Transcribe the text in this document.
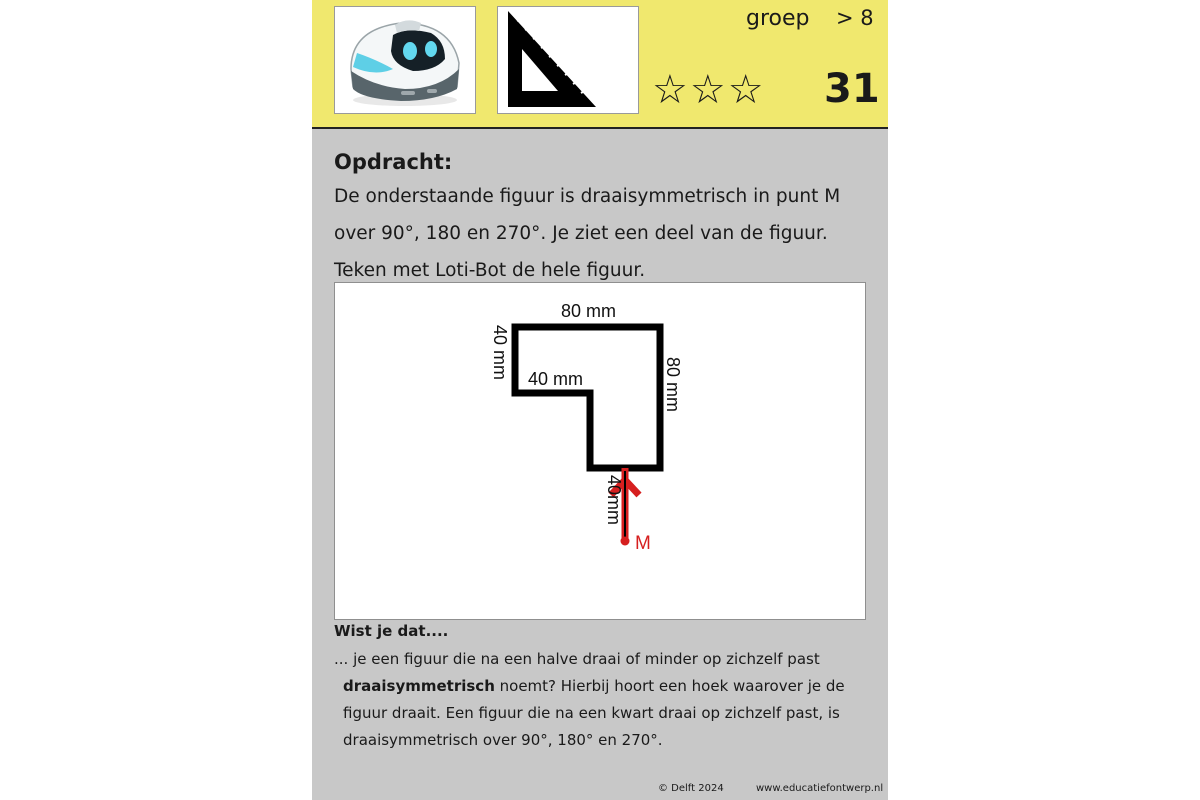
groep > 8
☆☆☆ 31
Opdracht:
De onderstaande figuur is draaisymmetrisch in punt M over 90°, 180 en 270°. Je ziet een deel van de figuur. Teken met Loti-Bot de hele figuur.
80 mm
40 mm 40 mm	80 mm
40mm
M
Wist je dat....
... je een figuur die na een halve draai of minder op zichzelf past
draaisymmetrisch noemt? Hierbij hoort een hoek waarover je de
figuur draait. Een figuur die na een kwart draai op zichzelf past, is
draaisymmetrisch over 90°, 180° en 270°.
© Delft 2024	www.educatiefontwerp.nl
